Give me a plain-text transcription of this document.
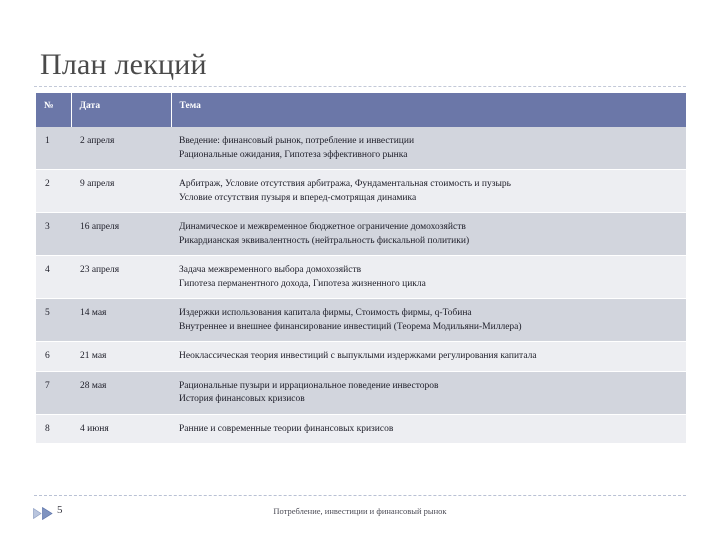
План лекций
№	Дата	Тема
1	2 апреля	Введение: финансовый рынок, потребление и инвестиции
Рациональные ожидания, Гипотеза эффективного рынка

2	9 апреля	Арбитраж, Условие отсутствия арбитража, Фундаментальная стоимость и пузырь
Условие отсутствия пузыря и вперед-смотрящая динамика

3	16 апреля	Динамическое и межвременное бюджетное ограничение домохозяйств
Рикардианская эквивалентность (нейтральность фискальной политики)

4	23 апреля	Задача межвременного выбора домохозяйств
Гипотеза перманентного дохода, Гипотеза жизненного цикла

5	14 мая	Издержки использования капитала фирмы, Стоимость фирмы, q-Тобина
Внутреннее и внешнее финансирование инвестиций (Теорема Модильяни-Миллера)

6	21 мая	Неоклассическая теория инвестиций с выпуклыми издержками регулирования капитала

7	28 мая	Рациональные пузыри и иррациональное поведение инвесторов
История финансовых кризисов

8	4 июня	Ранние и современные теории финансовых кризисов
5	Потребление, инвестиции и финансовый рынок
